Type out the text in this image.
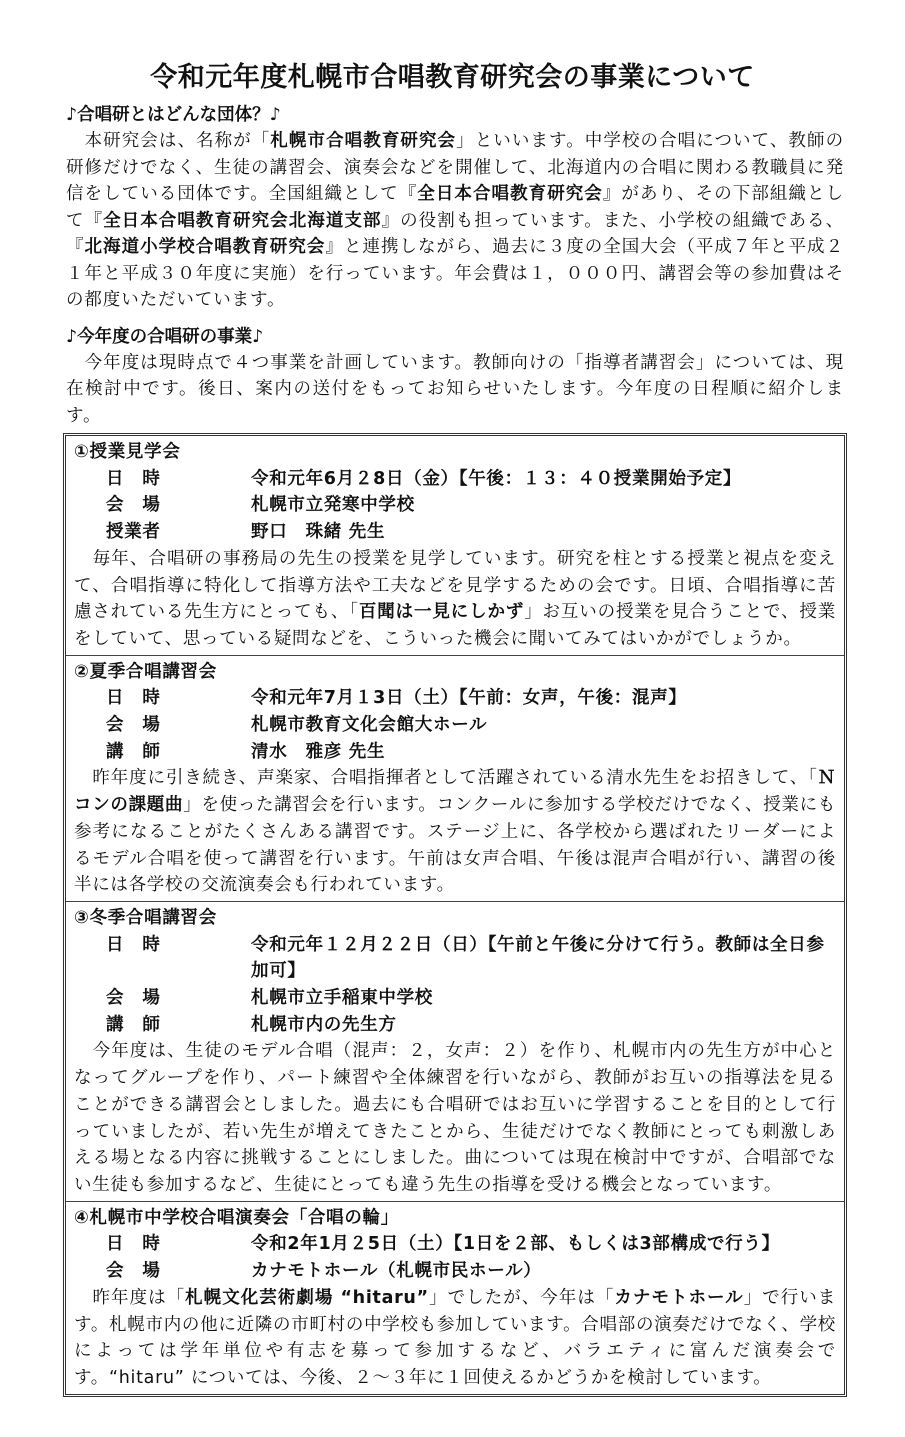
令和元年度札幌市合唱教育研究会の事業について
♪合唱研とはどんな団体？♪
　本研究会は、名称が「札幌市合唱教育研究会」といいます。中学校の合唱について、教師の研修だけでなく、生徒の講習会、演奏会などを開催して、北海道内の合唱に関わる教職員に発信をしている団体です。全国組織として『全日本合唱教育研究会』があり、その下部組織として『全日本合唱教育研究会北海道支部』の役割も担っています。また、小学校の組織である、『北海道小学校合唱教育研究会』と連携しながら、過去に３度の全国大会（平成７年と平成２１年と平成３０年度に実施）を行っています。年会費は１，０００円、講習会等の参加費はその都度いただいています。
♪今年度の合唱研の事業♪
　今年度は現時点で４つ事業を計画しています。教師向けの「指導者講習会」については、現在検討中です。後日、案内の送付をもってお知らせいたします。今年度の日程順に紹介します。
①授業見学会
日　時	令和元年6月２8日（金）【午後：１３：４０授業開始予定】
会　場	札幌市立発寒中学校
授業者	野口　珠緒 先生
　毎年、合唱研の事務局の先生の授業を見学しています。研究を柱とする授業と視点を変えて、合唱指導に特化して指導方法や工夫などを見学するための会です。日頃、合唱指導に苦慮されている先生方にとっても、「百聞は一見にしかず」お互いの授業を見合うことで、授業をしていて、思っている疑問などを、こういった機会に聞いてみてはいかがでしょうか。
②夏季合唱講習会
日　時	令和元年7月１3日（土）【午前：女声，午後：混声】
会　場	札幌市教育文化会館大ホール
講　師	清水　雅彦 先生
　昨年度に引き続き、声楽家、合唱指揮者として活躍されている清水先生をお招きして、「Ｎコンの課題曲」を使った講習会を行います。コンクールに参加する学校だけでなく、授業にも参考になることがたくさんある講習です。ステージ上に、各学校から選ばれたリーダーによるモデル合唱を使って講習を行います。午前は女声合唱、午後は混声合唱が行い、講習の後半には各学校の交流演奏会も行われています。
③冬季合唱講習会
日　時	令和元年１２月２２日（日）【午前と午後に分けて行う。教師は全日参加可】
会　場	札幌市立手稲東中学校
講　師	札幌市内の先生方
　今年度は、生徒のモデル合唱（混声：２，女声：２）を作り、札幌市内の先生方が中心となってグループを作り、パート練習や全体練習を行いながら、教師がお互いの指導法を見ることができる講習会としました。過去にも合唱研ではお互いに学習することを目的として行っていましたが、若い先生が増えてきたことから、生徒だけでなく教師にとっても刺激しあえる場となる内容に挑戦することにしました。曲については現在検討中ですが、合唱部でない生徒も参加するなど、生徒にとっても違う先生の指導を受ける機会となっています。
④札幌市中学校合唱演奏会「合唱の輪」
日　時	令和2年1月２5日（土）【1日を２部、もしくは3部構成で行う】
会　場	カナモトホール（札幌市民ホール）
　昨年度は「札幌文化芸術劇場 “hitaru”」でしたが、今年は「カナモトホール」で行います。札幌市内の他に近隣の市町村の中学校も参加しています。合唱部の演奏だけでなく、学校によっては学年単位や有志を募って参加するなど、バラエティに富んだ演奏会です。“hitaru” については、今後、２～３年に１回使えるかどうかを検討しています。
